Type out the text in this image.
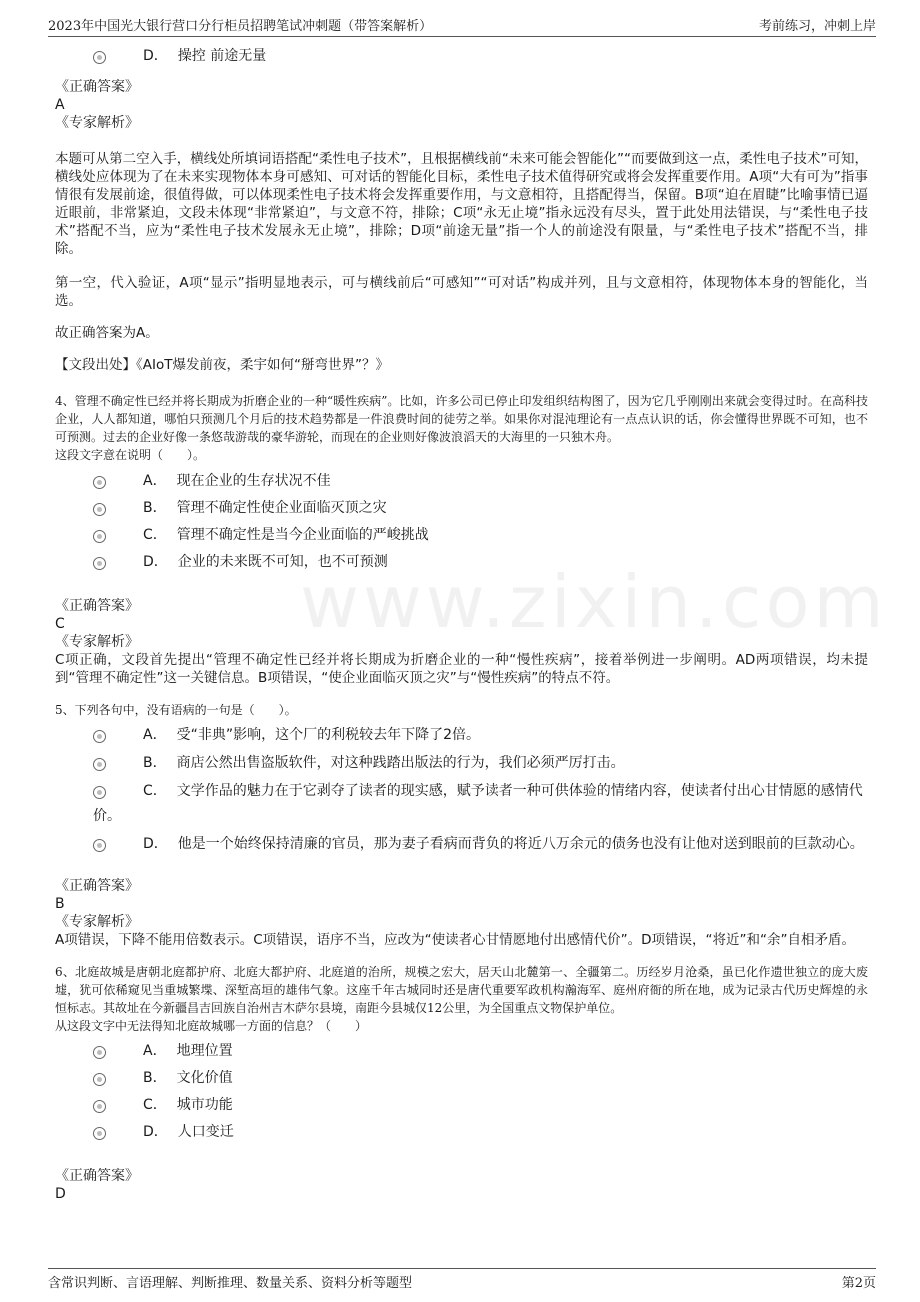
2023年中国光大银行营口分行柜员招聘笔试冲刺题（带答案解析）	考前练习，冲刺上岸
www.zixin.com
D． 操控 前途无量
《正确答案》
A
《专家解析》

本题可从第二空入手，横线处所填词语搭配“柔性电子技术”，且根据横线前“未来可能会智能化”“而要做到这一点，柔性电子技术”可知，横线处应体现为了在未来实现物体本身可感知、可对话的智能化目标，柔性电子技术值得研究或将会发挥重要作用。A项“大有可为”指事情很有发展前途，很值得做，可以体现柔性电子技术将会发挥重要作用，与文意相符，且搭配得当，保留。B项“迫在眉睫”比喻事情已逼近眼前，非常紧迫，文段未体现“非常紧迫”，与文意不符，排除；C项“永无止境”指永远没有尽头，置于此处用法错误，与“柔性电子技术”搭配不当，应为“柔性电子技术发展永无止境”，排除；D项“前途无量”指一个人的前途没有限量，与“柔性电子技术”搭配不当，排除。

第一空，代入验证，A项“显示”指明显地表示，可与横线前后“可感知”“可对话”构成并列，且与文意相符，体现物体本身的智能化，当选。

故正确答案为A。

【文段出处】《AIoT爆发前夜，柔宇如何“掰弯世界”？》

4、管理不确定性已经并将长期成为折磨企业的一种“暖性疾病”。比如，许多公司已停止印发组织结构图了，因为它几乎刚刚出来就会变得过时。在高科技企业，人人都知道，哪怕只预测几个月后的技术趋势都是一件浪费时间的徒劳之举。如果你对混沌理论有一点点认识的话，你会懂得世界既不可知，也不可预测。过去的企业好像一条悠哉游哉的豪华游轮，而现在的企业则好像波浪滔天的大海里的一只独木舟。

这段文字意在说明（　　）。

A． 现在企业的生存状况不佳
B． 管理不确定性使企业面临灭顶之灾
C． 管理不确定性是当今企业面临的严峻挑战
D． 企业的未来既不可知，也不可预测
《正确答案》
C
《专家解析》

C项正确，文段首先提出“管理不确定性已经并将长期成为折磨企业的一种“慢性疾病”，接着举例进一步阐明。AD两项错误，均未提到“管理不确定性”这一关键信息。B项错误，“使企业面临灭顶之灾”与“慢性疾病”的特点不符。

5、下列各句中，没有语病的一句是（　　）。

A． 受“非典”影响，这个厂的利税较去年下降了2倍。
B． 商店公然出售盗版软件，对这种践踏出版法的行为，我们必须严厉打击。
C． 文学作品的魅力在于它剥夺了读者的现实感，赋予读者一种可供体验的情绪内容，使读者付出心甘情愿的感情代价。
D． 他是一个始终保持清廉的官员，那为妻子看病而背负的将近八万余元的债务也没有让他对送到眼前的巨款动心。
《正确答案》
B
《专家解析》

A项错误，下降不能用倍数表示。C项错误，语序不当，应改为“使读者心甘情愿地付出感情代价”。D项错误，“将近”和“余”自相矛盾。

6、北庭故城是唐朝北庭都护府、北庭大都护府、北庭道的治所，规模之宏大，居天山北麓第一、全疆第二。历经岁月沧桑，虽已化作遗世独立的庞大废墟，犹可依稀窥见当重城繁堞、深堑高垣的雄伟气象。这座千年古城同时还是唐代重要军政机构瀚海军、庭州府衙的所在地，成为记录古代历史辉煌的永恒标志。其故址在今新疆昌吉回族自治州吉木萨尔县境，南距今县城仅12公里，为全国重点文物保护单位。

从这段文字中无法得知北庭故城哪一方面的信息？（　　）

A． 地理位置
B． 文化价值
C． 城市功能
D． 人口变迁
《正确答案》
D
含常识判断、言语理解、判断推理、数量关系、资料分析等题型	第2页
